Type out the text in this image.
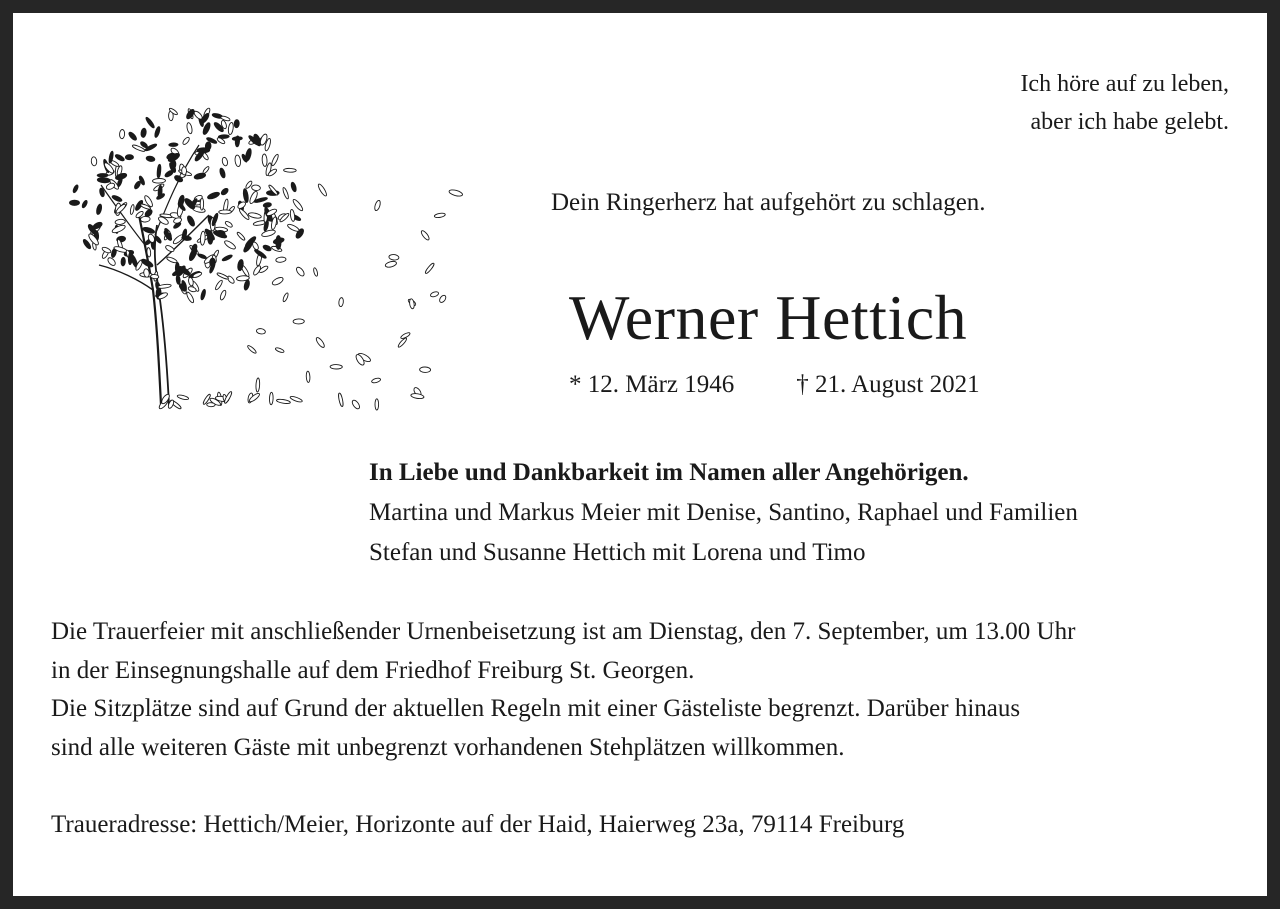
Ich höre auf zu leben,
aber ich habe gelebt.
Dein Ringerherz hat aufgehört zu schlagen.
Werner Hettich
* 12. März 1946 † 21. August 2021
In Liebe und Dankbarkeit im Namen aller Angehörigen.
Martina und Markus Meier mit Denise, Santino, Raphael und Familien
Stefan und Susanne Hettich mit Lorena und Timo
Die Trauerfeier mit anschließender Urnenbeisetzung ist am Dienstag, den 7. September, um 13.00 Uhr
in der Einsegnungshalle auf dem Friedhof Freiburg St. Georgen.
Die Sitzplätze sind auf Grund der aktuellen Regeln mit einer Gästeliste begrenzt. Darüber hinaus
sind alle weiteren Gäste mit unbegrenzt vorhandenen Stehplätzen willkommen.
Traueradresse: Hettich/Meier, Horizonte auf der Haid, Haierweg 23a, 79114 Freiburg
